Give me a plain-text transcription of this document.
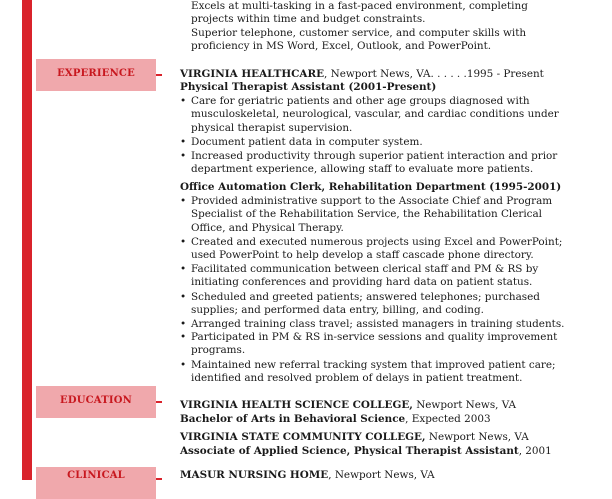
EXPERIENCE
EDUCATION
CLINICAL
Excels at multi-tasking in a fast-paced environment, completing
projects within time and budget constraints.
Superior telephone, customer service, and computer skills with
proficiency in MS Word, Excel, Outlook, and PowerPoint.
VIRGINIA HEALTHCARE, Newport News, VA. . . . . .1995 - Present
Physical Therapist Assistant (2001-Present)
• Care for geriatric patients and other age groups diagnosed with
musculoskeletal, neurological, vascular, and cardiac conditions under
physical therapist supervision.
• Document patient data in computer system.
• Increased productivity through superior patient interaction and prior
department experience, allowing staff to evaluate more patients.
Office Automation Clerk, Rehabilitation Department (1995-2001)
• Provided administrative support to the Associate Chief and Program
Specialist of the Rehabilitation Service, the Rehabilitation Clerical
Office, and Physical Therapy.
• Created and executed numerous projects using Excel and PowerPoint;
used PowerPoint to help develop a staff cascade phone directory.
• Facilitated communication between clerical staff and PM & RS by
initiating conferences and providing hard data on patient status.
• Scheduled and greeted patients; answered telephones; purchased
supplies; and performed data entry, billing, and coding.
• Arranged training class travel; assisted managers in training students.
• Participated in PM & RS in-service sessions and quality improvement
programs.
• Maintained new referral tracking system that improved patient care;
identified and resolved problem of delays in patient treatment.
VIRGINIA HEALTH SCIENCE COLLEGE, Newport News, VA
Bachelor of Arts in Behavioral Science, Expected 2003
VIRGINIA STATE COMMUNITY COLLEGE, Newport News, VA
Associate of Applied Science, Physical Therapist Assistant, 2001
MASUR NURSING HOME, Newport News, VA
